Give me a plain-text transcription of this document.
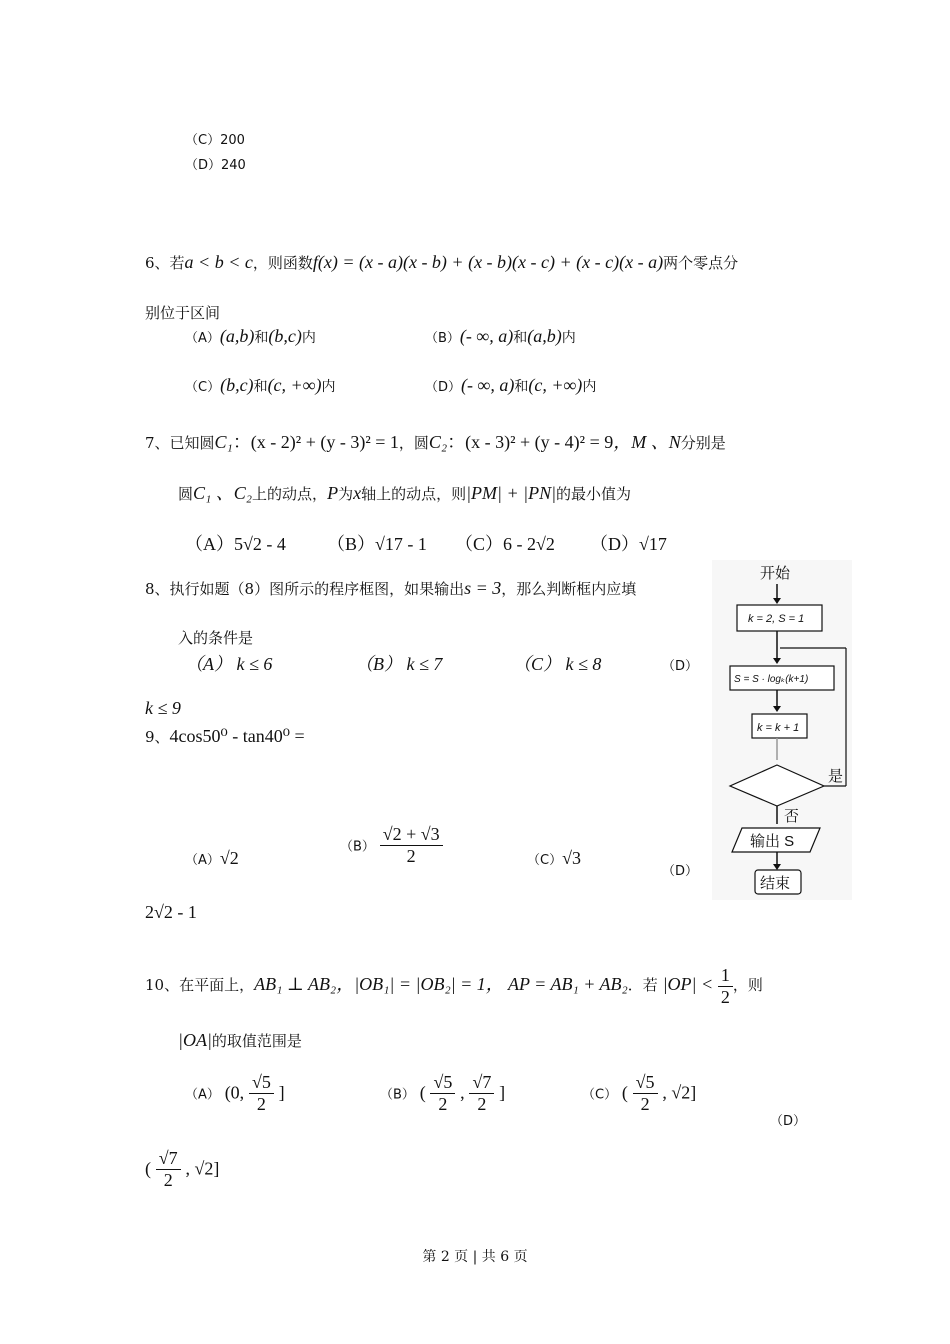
（C）200
（D）240
6、若a < b < c，则函数f(x) = (x - a)(x - b) + (x - b)(x - c) + (x - c)(x - a)两个零点分
别位于区间
（A）(a,b)和(b,c)内	（B）(- ∞, a)和(a,b)内
（C）(b,c)和(c, +∞)内	（D）(- ∞, a)和(c, +∞)内
7、已知圆C₁：(x - 2)² + (y - 3)² = 1，圆C₂：(x - 3)² + (y - 4)² = 9，M 、N分别是
圆C₁ 、C₂上的动点，P为x轴上的动点，则|PM| + |PN|的最小值为
（A）5√2 - 4 （B）√17 - 1 （C）6 - 2√2 （D）√17
8、执行如题（8）图所示的程序框图，如果输出s = 3，那么判断框内应填
入的条件是
（A） k ≤ 6	（B） k ≤ 7	（C） k ≤ 8	（D）
k ≤ 9
9、4cos50⁰ - tan40⁰ =
（A）√2
$(B) \frac{√2 + √3}{2}$	（C）√3
（D）
2√2 - 1
10、在平面上，AB₁ ⊥ AB₂，|OB₁| = |OB₂| = 1， AP = AB₁ + AB₂．若 $|OP| < \frac{1}{2}$ ，则
|OA|的取值范围是
（A） (0, $\frac{√5}{2}$ ]	（B） ( $\frac{√5}{2}$ , $\frac{√7}{2}$ ]	（C） ( $\frac{√5}{2}$ , √2]
（D）
( $\frac{√7}{2}$ , √2]
开始
k = 2, S = 1
S = S · logₖ(k+1)
k = k + 1
是
否
输出 S
结束
第 2 页 | 共 6 页
